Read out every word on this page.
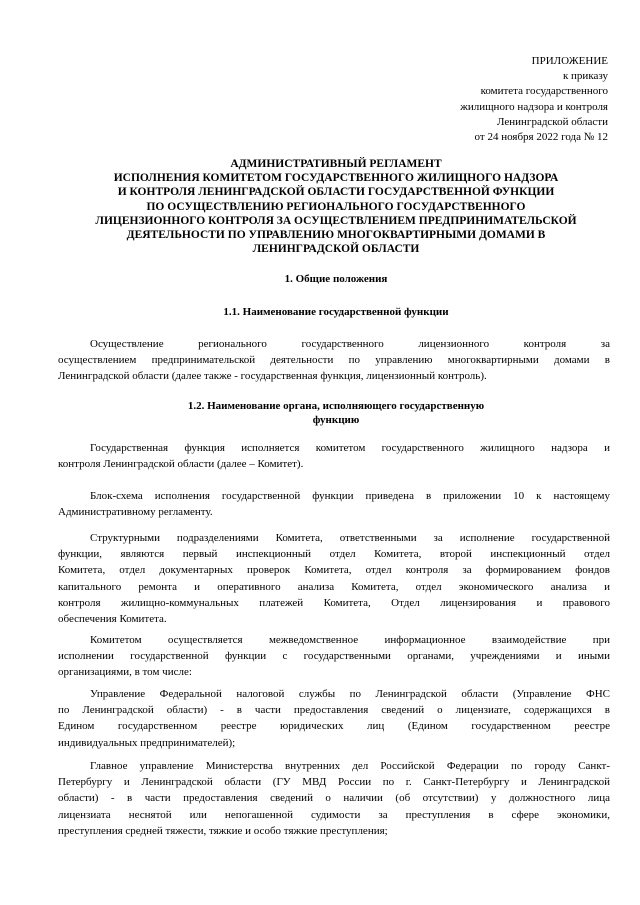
ПРИЛОЖЕНИЕ
к приказу
комитета государственного
жилищного надзора и контроля
Ленинградской области
от 24 ноября 2022 года № 12
АДМИНИСТРАТИВНЫЙ РЕГЛАМЕНТ
ИСПОЛНЕНИЯ КОМИТЕТОМ ГОСУДАРСТВЕННОГО ЖИЛИЩНОГО НАДЗОРА
И КОНТРОЛЯ ЛЕНИНГРАДСКОЙ ОБЛАСТИ ГОСУДАРСТВЕННОЙ ФУНКЦИИ
ПО ОСУЩЕСТВЛЕНИЮ РЕГИОНАЛЬНОГО ГОСУДАРСТВЕННОГО
ЛИЦЕНЗИОННОГО КОНТРОЛЯ ЗА ОСУЩЕСТВЛЕНИЕМ ПРЕДПРИНИМАТЕЛЬСКОЙ
ДЕЯТЕЛЬНОСТИ ПО УПРАВЛЕНИЮ МНОГОКВАРТИРНЫМИ ДОМАМИ В
ЛЕНИНГРАДСКОЙ ОБЛАСТИ
1. Общие положения
1.1. Наименование государственной функции
Осуществление регионального государственного лицензионного контроля за
осуществлением предпринимательской деятельности по управлению многоквартирными домами в
Ленинградской области (далее также - государственная функция, лицензионный контроль).
1.2. Наименование органа, исполняющего государственную
функцию
Государственная функция исполняется комитетом государственного жилищного надзора и
контроля Ленинградской области (далее – Комитет).
Блок-схема исполнения государственной функции приведена в приложении 10 к настоящему
Административному регламенту.
Структурными подразделениями Комитета, ответственными за исполнение государственной
функции, являются первый инспекционный отдел Комитета, второй инспекционный отдел
Комитета, отдел документарных проверок Комитета, отдел контроля за формированием фондов
капитального ремонта и оперативного анализа Комитета, отдел экономического анализа и
контроля жилищно-коммунальных платежей Комитета, Отдел лицензирования и правового
обеспечения Комитета.
Комитетом осуществляется межведомственное информационное взаимодействие при
исполнении государственной функции с государственными органами, учреждениями и иными
организациями, в том числе:
Управление Федеральной налоговой службы по Ленинградской области (Управление ФНС
по Ленинградской области) - в части предоставления сведений о лицензиате, содержащихся в
Едином государственном реестре юридических лиц (Едином государственном реестре
индивидуальных предпринимателей);
Главное управление Министерства внутренних дел Российской Федерации по городу Санкт-
Петербургу и Ленинградской области (ГУ МВД России по г. Санкт-Петербургу и Ленинградской
области) - в части предоставления сведений о наличии (об отсутствии) у должностного лица
лицензиата неснятой или непогашенной судимости за преступления в сфере экономики,
преступления средней тяжести, тяжкие и особо тяжкие преступления;
